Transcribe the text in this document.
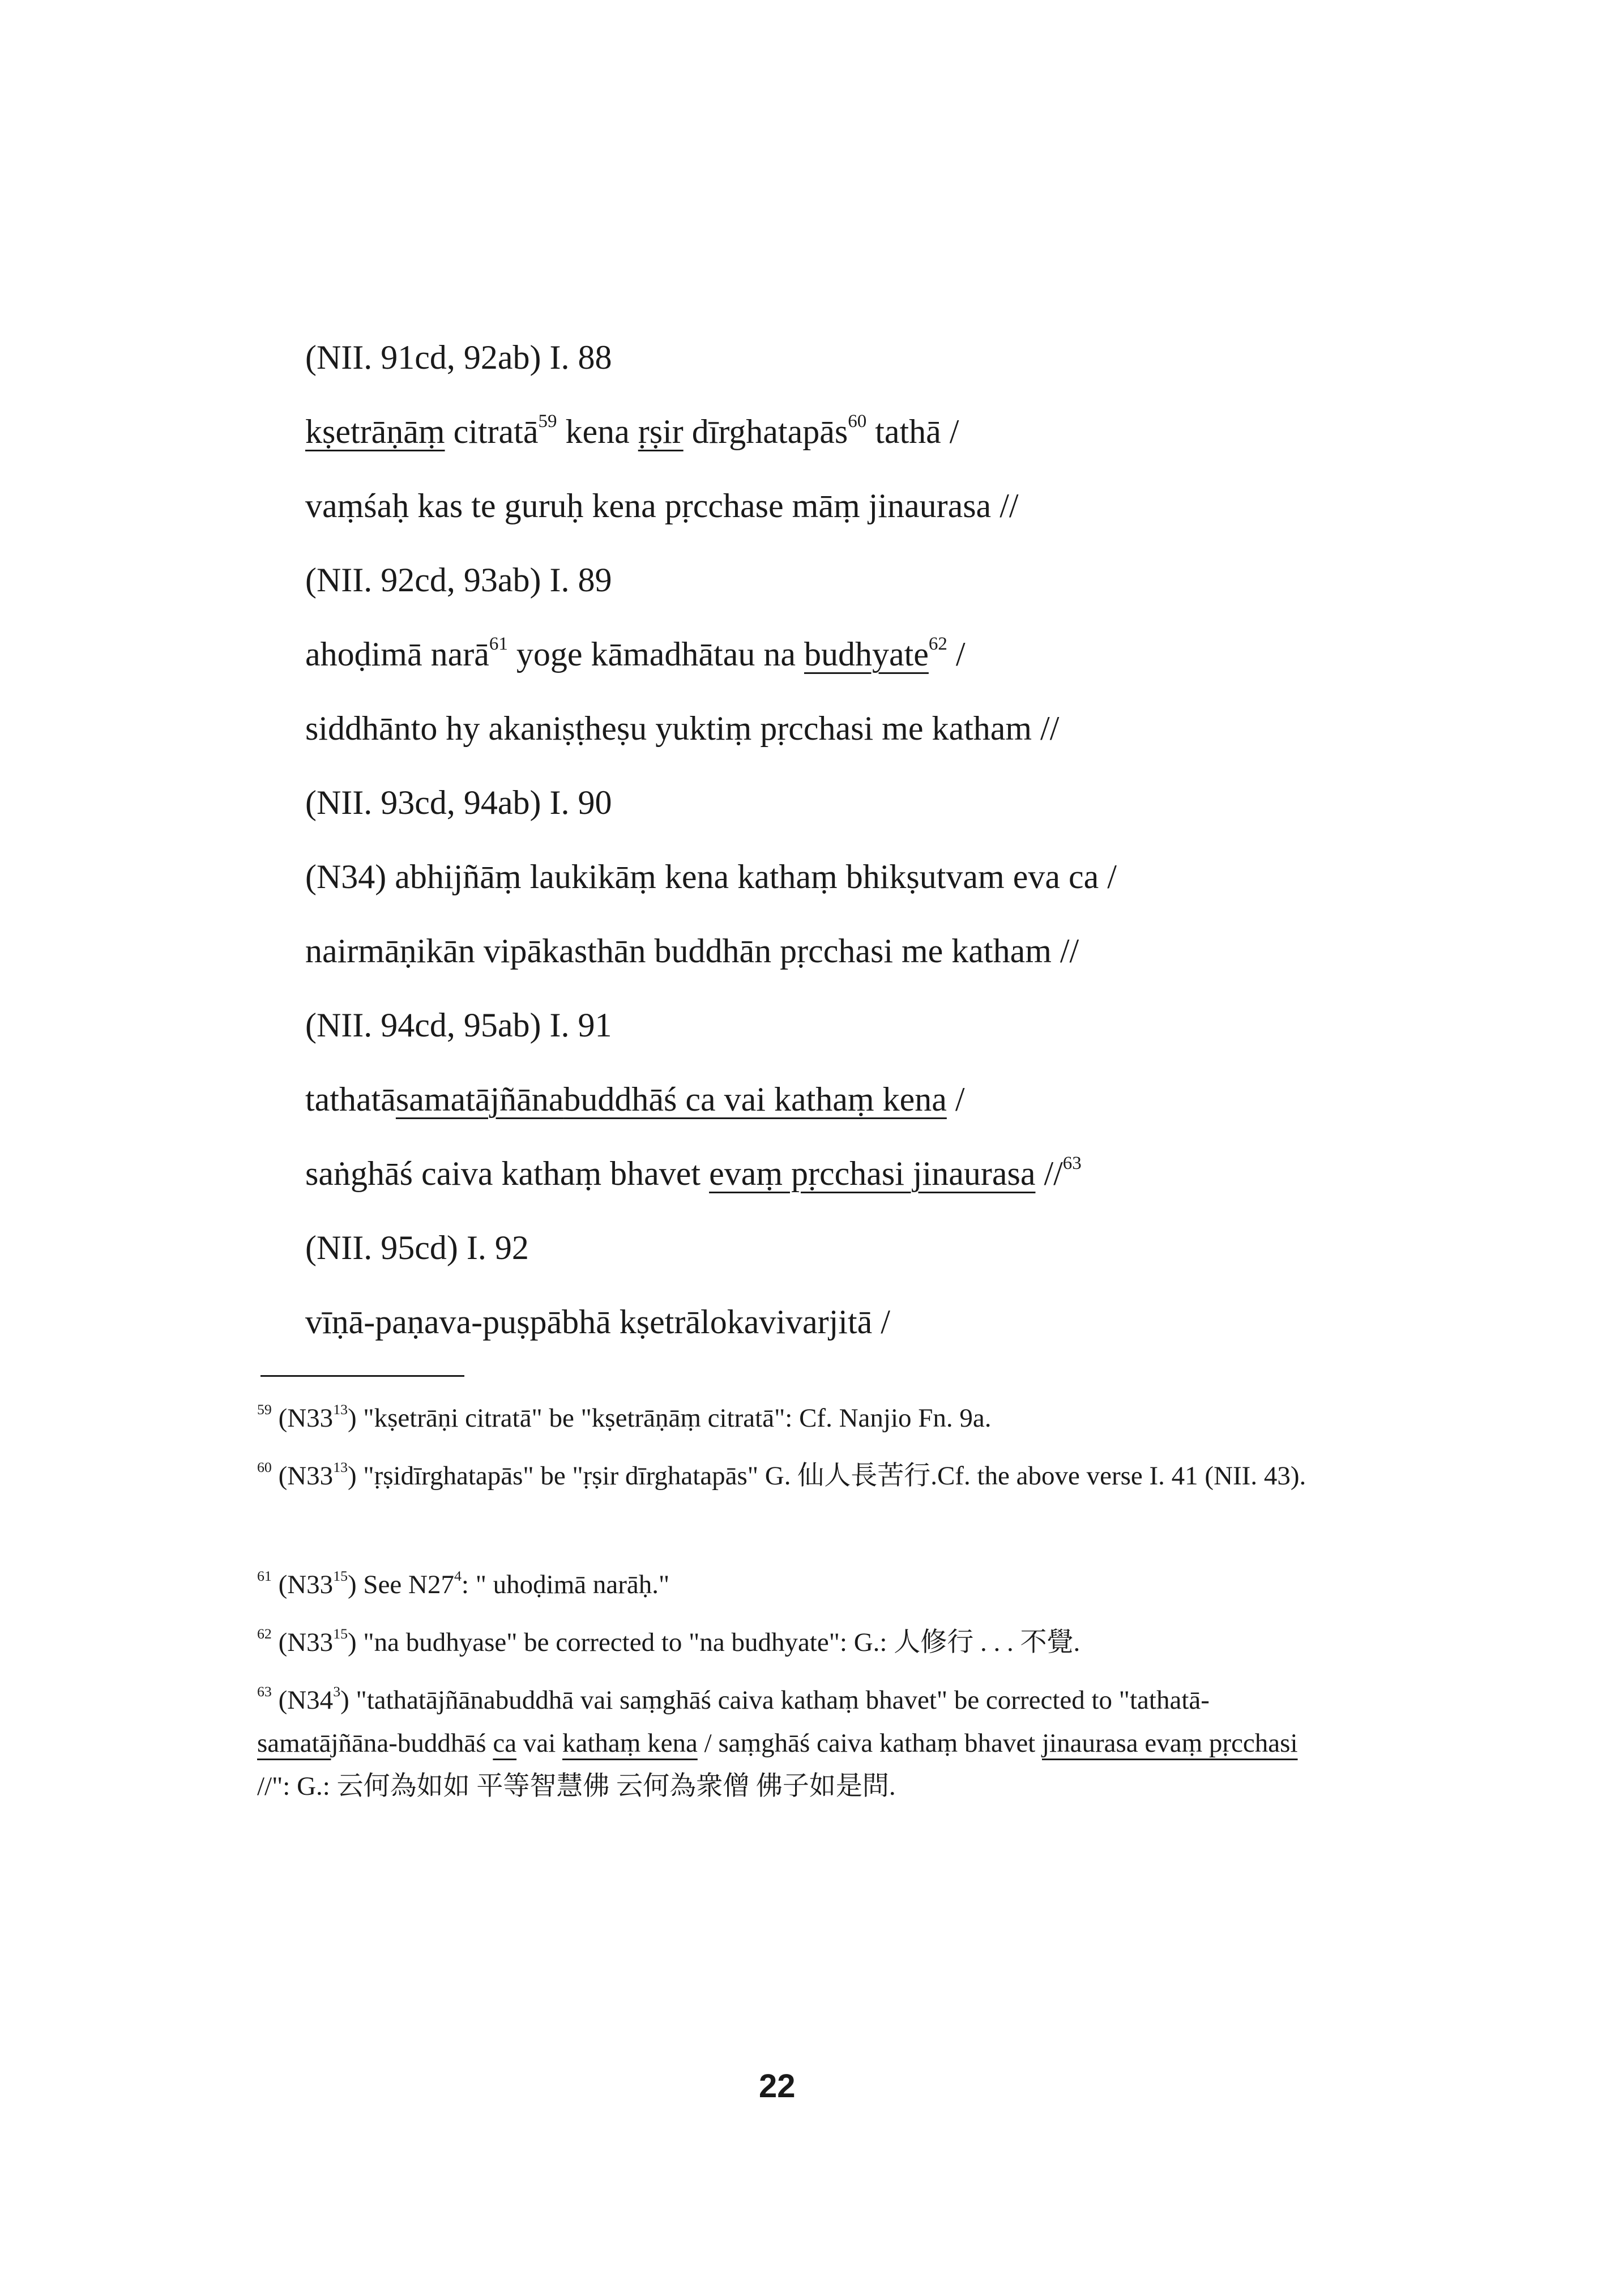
(NII. 91cd, 92ab) I. 88
kṣetrāṇāṃ citratā$^{59}$ kena ṛṣir dīrghatapās$^{60}$ tathā /
vaṃśaḥ kas te guruḥ kena pṛcchase māṃ jinaurasa //
(NII. 92cd, 93ab) I. 89
ahoḍimā narā$^{61}$ yoge kāmadhātau na budhyate$^{62}$ /
siddhānto hy akaniṣṭheṣu yuktiṃ pṛcchasi me katham //
(NII. 93cd, 94ab) I. 90
(N34) abhijñāṃ laukikāṃ kena kathaṃ bhikṣutvam eva ca /
nairmāṇikān vipākasthān buddhān pṛcchasi me katham //
(NII. 94cd, 95ab) I. 91
tathatāsamatājñānabuddhāś ca vai kathaṃ kena /
saṅghāś caiva kathaṃ bhavet evaṃ pṛcchasi jinaurasa //$^{63}$
(NII. 95cd) I. 92
vīṇā-paṇava-puṣpābhā kṣetrālokavivarjitā /
$^{59}$ $(N33^{13})$ "kṣetrāṇi citratā" be "kṣetrāṇāṃ citratā": Cf. Nanjio Fn. 9a.
$^{60}$ $(N33^{13})$ "ṛṣidīrghatapās" be "ṛṣir dīrghatapās" G. 仙人長苦行.Cf. the above verse I. 41 (NII. 43).
$^{61}$ $(N33^{15})$ See $N27^4$: " uhoḍimā narāḥ."
$^{62}$ $(N33^{15})$ "na budhyase" be corrected to "na budhyate": G.: 人修行 . . . 不覺.
$^{63}$ $(N34^3)$ "tathatājñānabuddhā vai saṃghāś caiva kathaṃ bhavet" be corrected to "tathatā-samatājñāna-buddhāś ca vai kathaṃ kena / saṃghāś caiva kathaṃ bhavet jinaurasa evaṃ pṛcchasi //": G.: 云何為如如 平等智慧佛 云何為衆僧 佛子如是問.
22
